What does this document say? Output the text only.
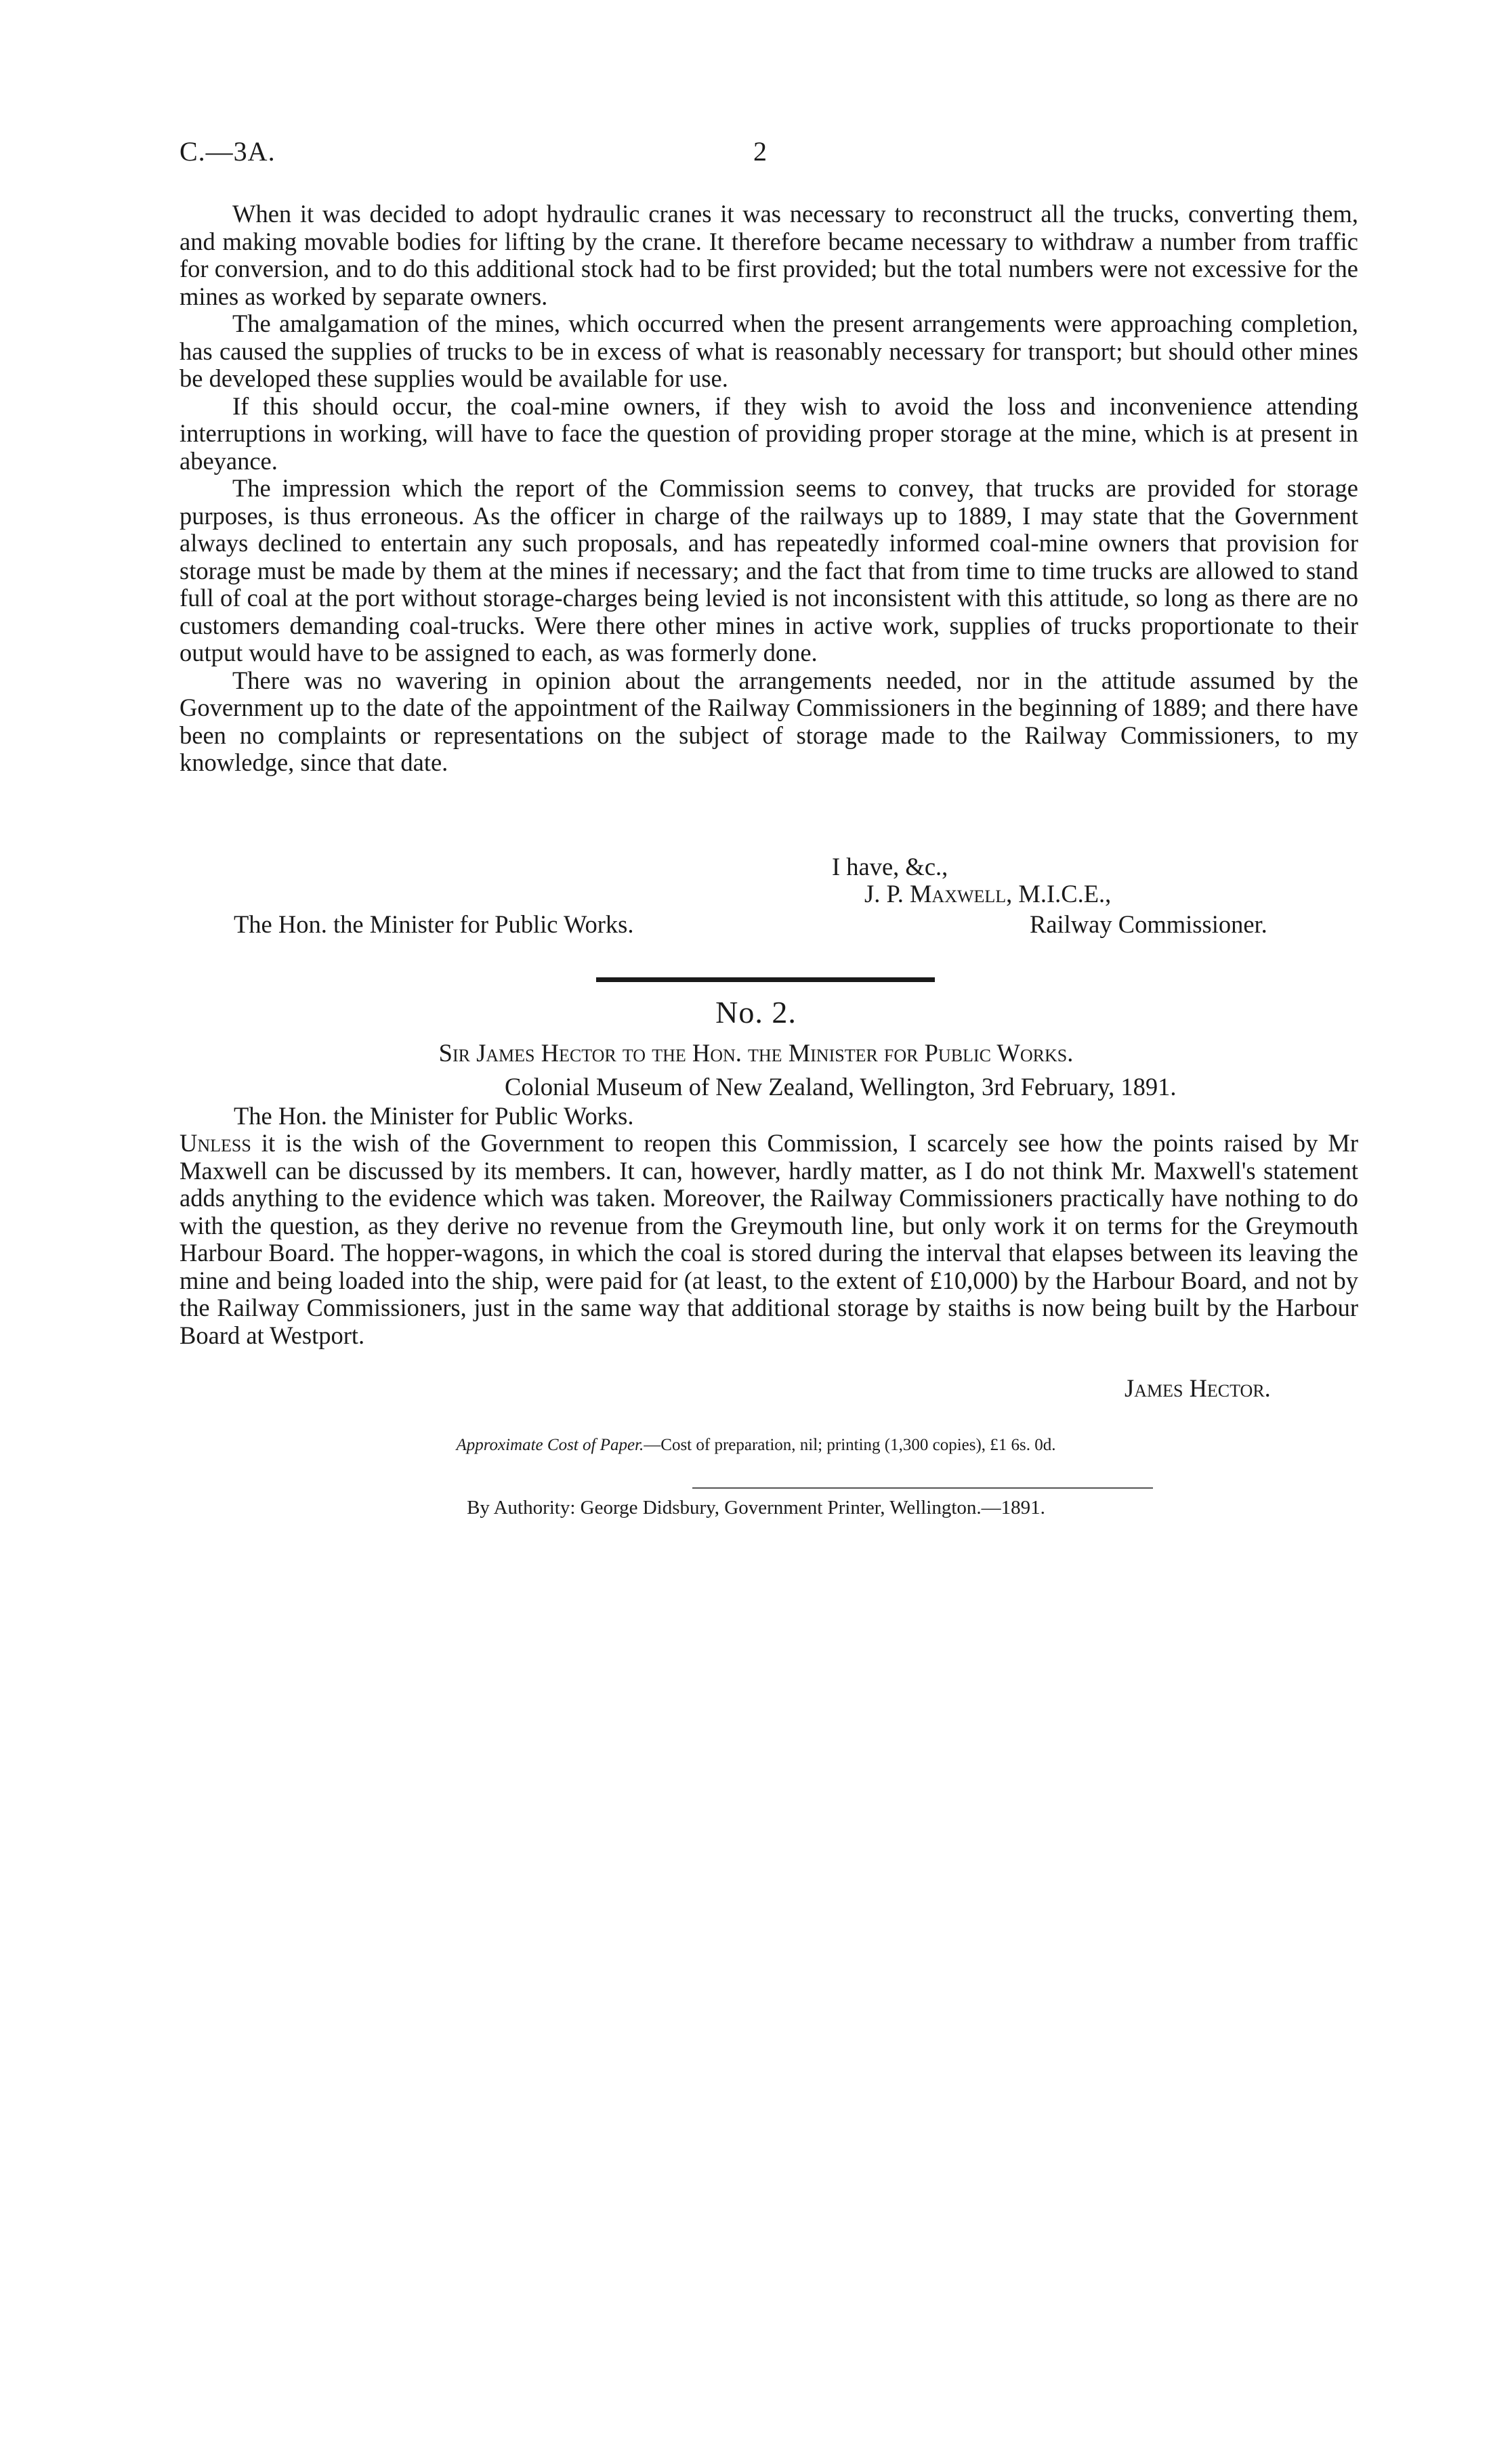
C.—3A.	2

When it was decided to adopt hydraulic cranes it was necessary to reconstruct all the trucks, converting them, and making movable bodies for lifting by the crane. It therefore became necessary to withdraw a number from traffic for conversion, and to do this additional stock had to be first provided; but the total numbers were not excessive for the mines as worked by separate owners.

The amalgamation of the mines, which occurred when the present arrangements were approaching completion, has caused the supplies of trucks to be in excess of what is reasonably necessary for transport; but should other mines be developed these supplies would be available for use.

If this should occur, the coal-mine owners, if they wish to avoid the loss and inconvenience attending interruptions in working, will have to face the question of providing proper storage at the mine, which is at present in abeyance.

The impression which the report of the Commission seems to convey, that trucks are provided for storage purposes, is thus erroneous. As the officer in charge of the railways up to 1889, I may state that the Government always declined to entertain any such proposals, and has repeatedly informed coal-mine owners that provision for storage must be made by them at the mines if necessary; and the fact that from time to time trucks are allowed to stand full of coal at the port without storage-charges being levied is not inconsistent with this attitude, so long as there are no customers demanding coal-trucks. Were there other mines in active work, supplies of trucks proportionate to their output would have to be assigned to each, as was formerly done.

There was no wavering in opinion about the arrangements needed, nor in the attitude assumed by the Government up to the date of the appointment of the Railway Commissioners in the beginning of 1889; and there have been no complaints or representations on the subject of storage made to the Railway Commissioners, to my knowledge, since that date.

I have, &c.,
J. P. Maxwell, M.I.C.E.,
The Hon. the Minister for Public Works.	Railway Commissioner.
No. 2.
Sir James Hector to the Hon. the Minister for Public Works.
Colonial Museum of New Zealand, Wellington, 3rd February, 1891.
The Hon. the Minister for Public Works.

Unless it is the wish of the Government to reopen this Commission, I scarcely see how the points raised by Mr Maxwell can be discussed by its members. It can, however, hardly matter, as I do not think Mr. Maxwell's statement adds anything to the evidence which was taken. Moreover, the Railway Commissioners practically have nothing to do with the question, as they derive no revenue from the Greymouth line, but only work it on terms for the Greymouth Harbour Board. The hopper-wagons, in which the coal is stored during the interval that elapses between its leaving the mine and being loaded into the ship, were paid for (at least, to the extent of £10,000) by the Harbour Board, and not by the Railway Commissioners, just in the same way that additional storage by staiths is now being built by the Harbour Board at Westport.

James Hector.
Approximate Cost of Paper.—Cost of preparation, nil; printing (1,300 copies), £1 6s. 0d.
By Authority: George Didsbury, Government Printer, Wellington.—1891.
